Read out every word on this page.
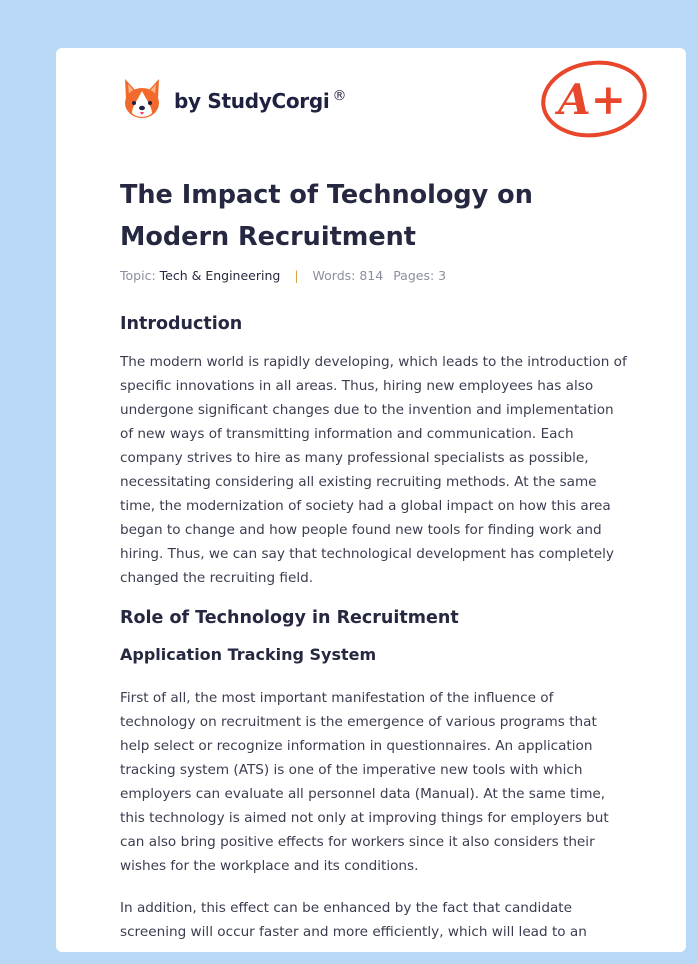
by StudyCorgi ®	A+
The Impact of Technology on Modern Recruitment
Topic: Tech & Engineering | Words: 814 Pages: 3
Introduction

The modern world is rapidly developing, which leads to the introduction of specific innovations in all areas. Thus, hiring new employees has also undergone significant changes due to the invention and implementation of new ways of transmitting information and communication. Each company strives to hire as many professional specialists as possible, necessitating considering all existing recruiting methods. At the same time, the modernization of society had a global impact on how this area began to change and how people found new tools for finding work and hiring. Thus, we can say that technological development has completely changed the recruiting field.

Role of Technology in Recruitment
Application Tracking System

First of all, the most important manifestation of the influence of technology on recruitment is the emergence of various programs that help select or recognize information in questionnaires. An application tracking system (ATS) is one of the imperative new tools with which employers can evaluate all personnel data (Manual). At the same time, this technology is aimed not only at improving things for employers but can also bring positive effects for workers since it also considers their wishes for the workplace and its conditions.

In addition, this effect can be enhanced by the fact that candidate screening will occur faster and more efficiently, which will lead to an
